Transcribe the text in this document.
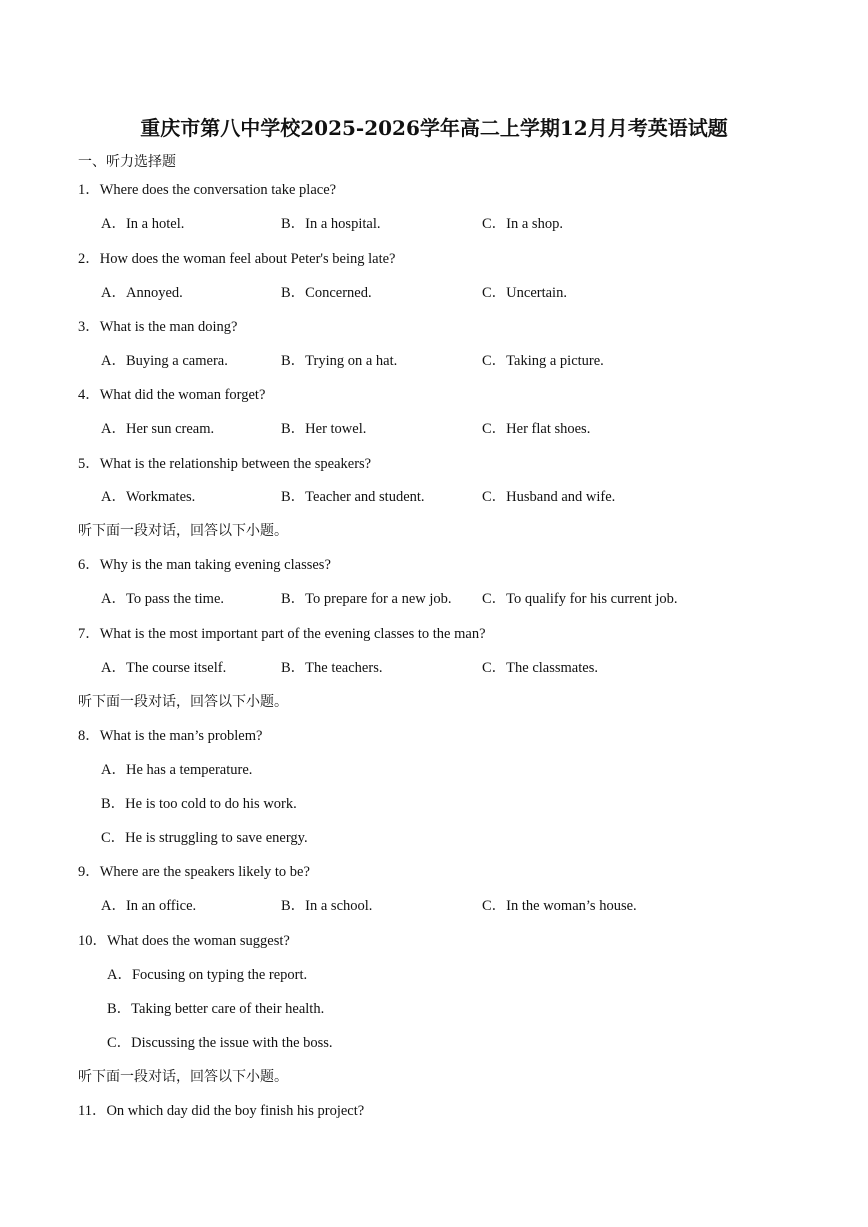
重庆市第八中学校2025-2026学年高二上学期12月月考英语试题
一、听力选择题
1．Where does the conversation take place?
A．In a hotel.	B．In a hospital.	C．In a shop.
2．How does the woman feel about Peter's being late?
A．Annoyed.	B．Concerned.	C．Uncertain.
3．What is the man doing?
A．Buying a camera.	B．Trying on a hat.	C．Taking a picture.
4．What did the woman forget?
A．Her sun cream.	B．Her towel.	C．Her flat shoes.
5．What is the relationship between the speakers?
A．Workmates.	B．Teacher and student.	C．Husband and wife.
听下面一段对话，回答以下小题。
6．Why is the man taking evening classes?
A．To pass the time.	B．To prepare for a new job. C．To qualify for his current job.
7．What is the most important part of the evening classes to the man?
A．The course itself.	B．The teachers.	C．The classmates.
听下面一段对话，回答以下小题。
8．What is the man’s problem?
A．He has a temperature.
B．He is too cold to do his work.
C．He is struggling to save energy.
9．Where are the speakers likely to be?
A．In an office.	B．In a school.	C．In the woman’s house.
10．What does the woman suggest?
A．Focusing on typing the report.
B．Taking better care of their health.
C．Discussing the issue with the boss.
听下面一段对话，回答以下小题。
11．On which day did the boy finish his project?
